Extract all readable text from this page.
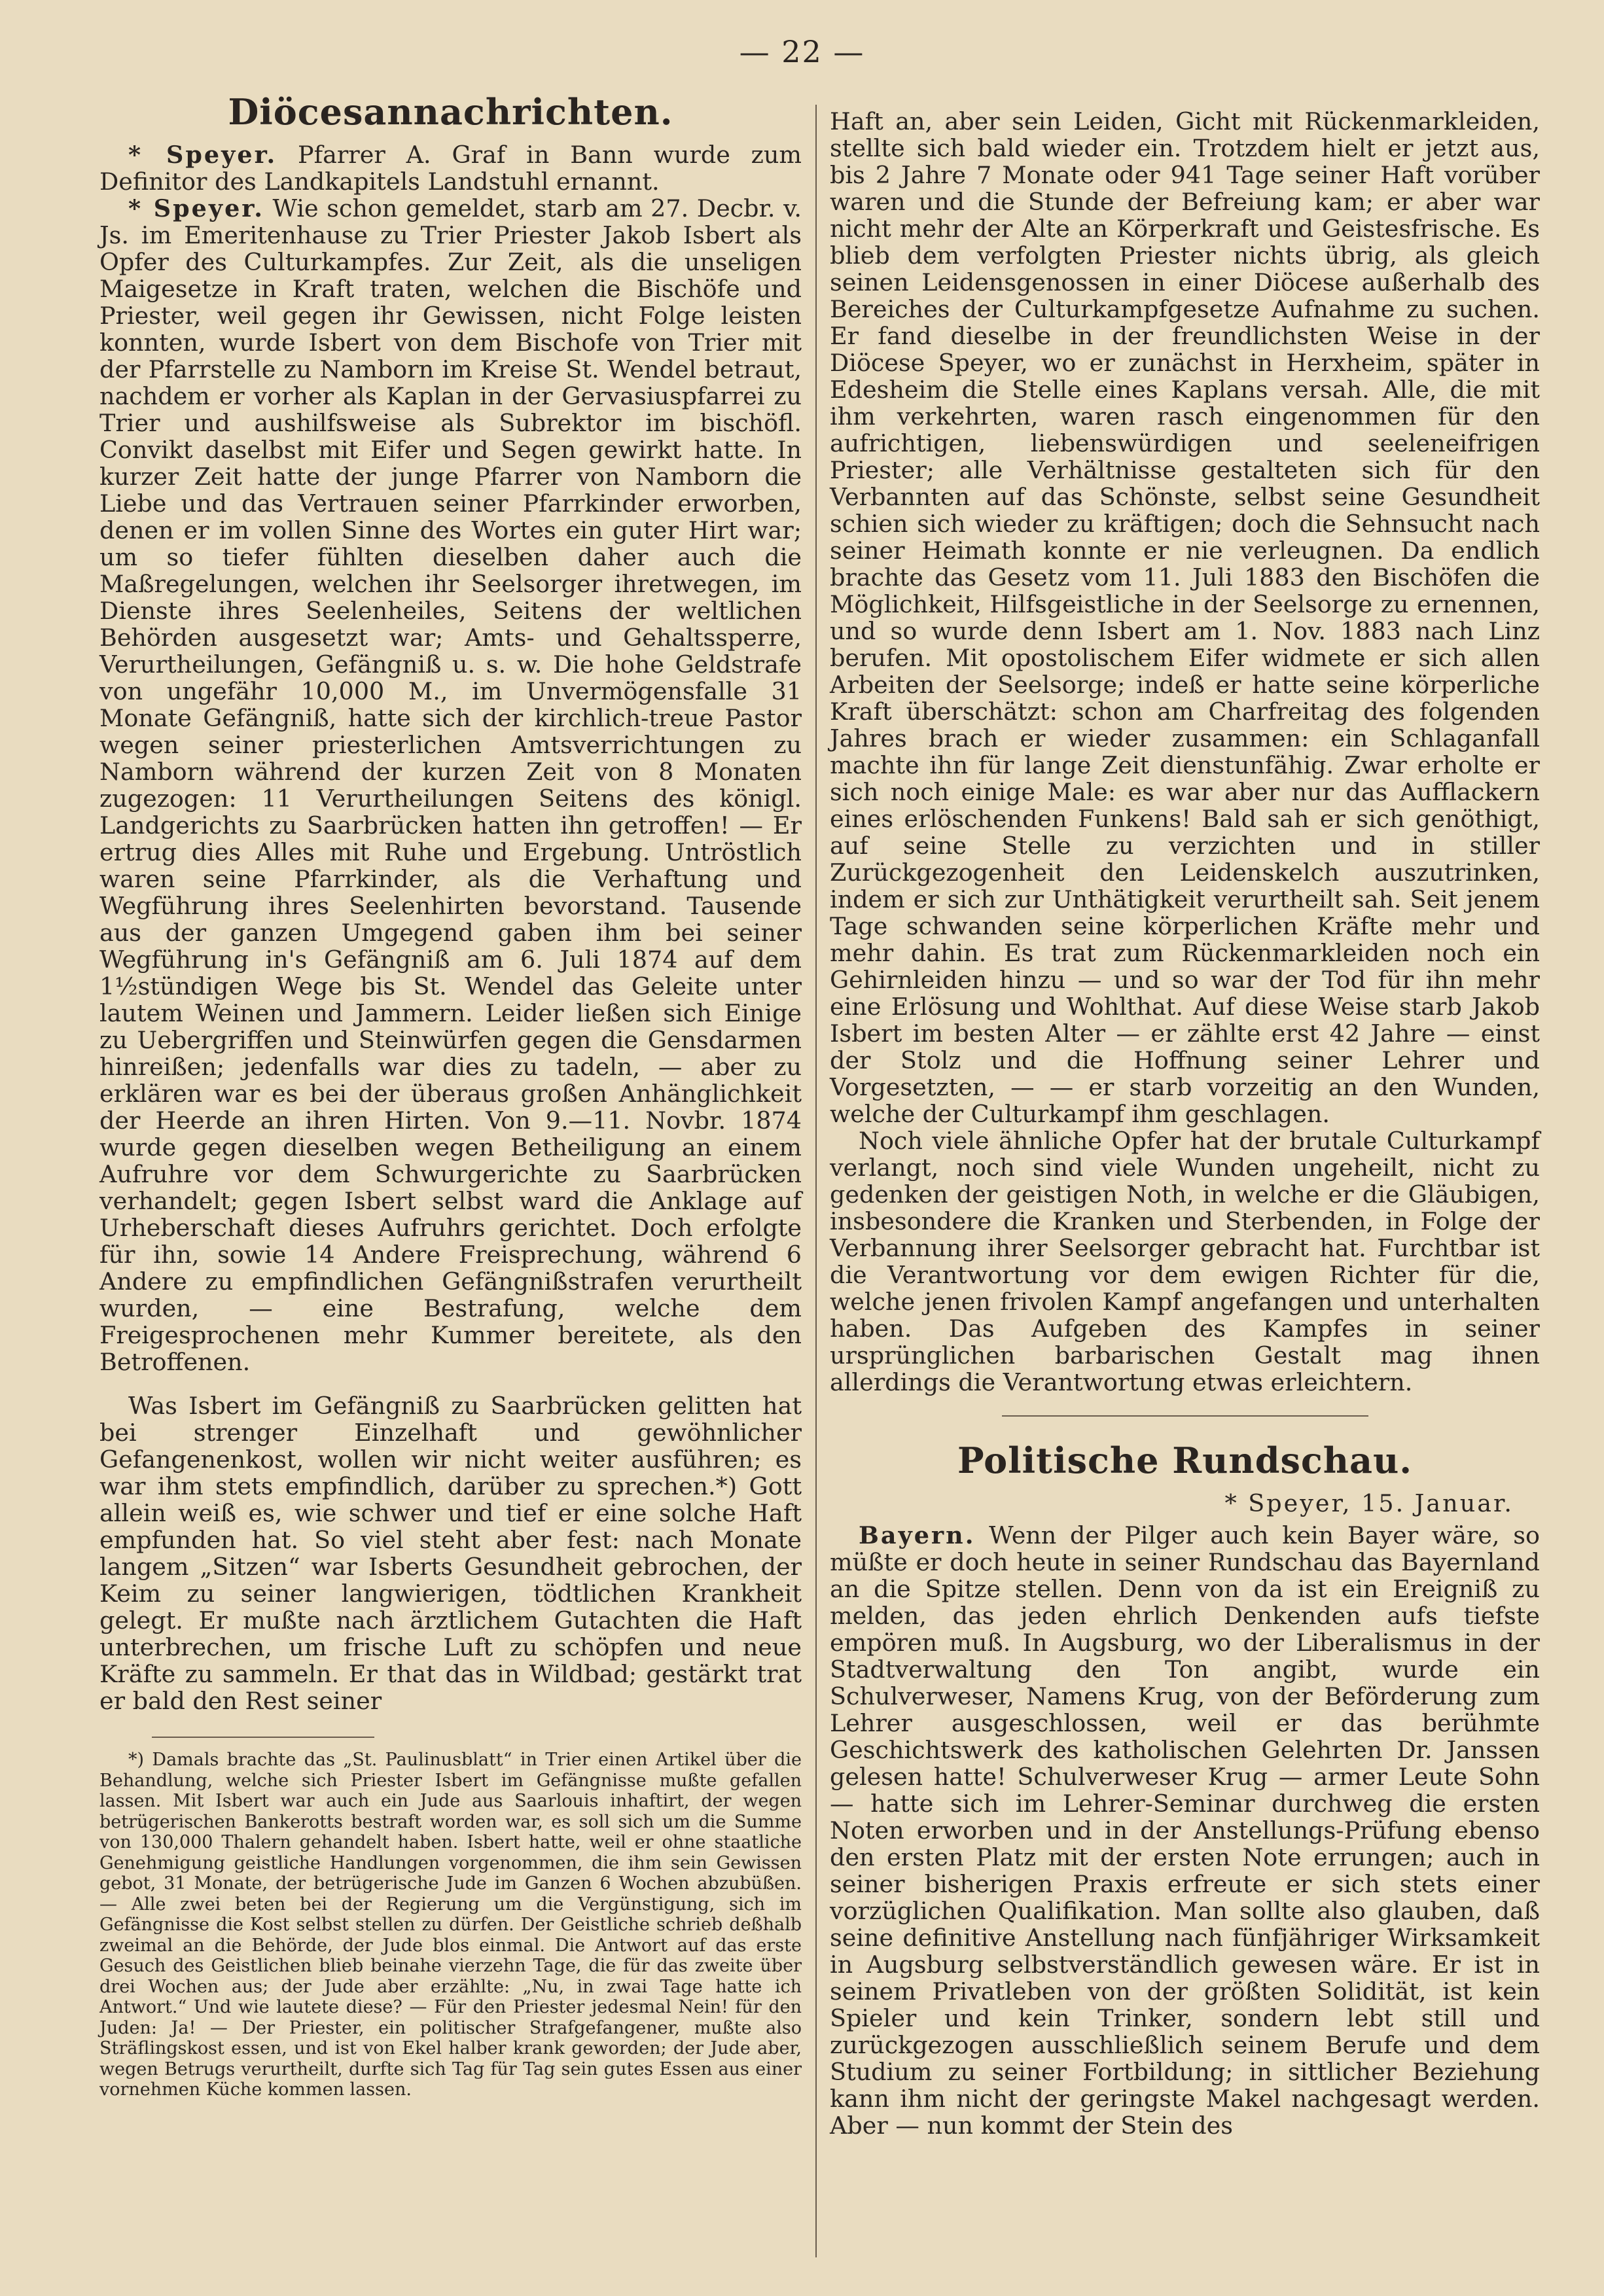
— 22 —
Diöcesannachrichten.

* Speyer. Pfarrer A. Graf in Bann wurde zum Definitor des Landkapitels Landstuhl ernannt.

* Speyer. Wie schon gemeldet, starb am 27. Decbr. v. Js. im Emeritenhause zu Trier Priester Jakob Isbert als Opfer des Culturkampfes. Zur Zeit, als die unseligen Maigesetze in Kraft traten, welchen die Bischöfe und Priester, weil gegen ihr Gewissen, nicht Folge leisten konnten, wurde Isbert von dem Bischofe von Trier mit der Pfarrstelle zu Namborn im Kreise St. Wendel betraut, nachdem er vorher als Kaplan in der Gervasiuspfarrei zu Trier und aushilfsweise als Subrektor im bischöfl. Convikt daselbst mit Eifer und Segen gewirkt hatte. In kurzer Zeit hatte der junge Pfarrer von Namborn die Liebe und das Vertrauen seiner Pfarrkinder erworben, denen er im vollen Sinne des Wortes ein guter Hirt war; um so tiefer fühlten dieselben daher auch die Maßregelungen, welchen ihr Seelsorger ihretwegen, im Dienste ihres Seelenheiles, Seitens der weltlichen Behörden ausgesetzt war; Amts- und Gehaltssperre, Verurtheilungen, Gefängniß u. s. w. Die hohe Geldstrafe von ungefähr 10,000 M., im Unvermögensfalle 31 Monate Gefängniß, hatte sich der kirchlich-treue Pastor wegen seiner priesterlichen Amtsverrichtungen zu Namborn während der kurzen Zeit von 8 Monaten zugezogen: 11 Verurtheilungen Seitens des königl. Landgerichts zu Saarbrücken hatten ihn getroffen! — Er ertrug dies Alles mit Ruhe und Ergebung. Untröstlich waren seine Pfarrkinder, als die Verhaftung und Wegführung ihres Seelenhirten bevorstand. Tausende aus der ganzen Umgegend gaben ihm bei seiner Wegführung in's Gefängniß am 6. Juli 1874 auf dem 1½stündigen Wege bis St. Wendel das Geleite unter lautem Weinen und Jammern. Leider ließen sich Einige zu Uebergriffen und Steinwürfen gegen die Gensdarmen hinreißen; jedenfalls war dies zu tadeln, — aber zu erklären war es bei der überaus großen Anhänglichkeit der Heerde an ihren Hirten. Von 9.—11. Novbr. 1874 wurde gegen dieselben wegen Betheiligung an einem Aufruhre vor dem Schwurgerichte zu Saarbrücken verhandelt; gegen Isbert selbst ward die Anklage auf Urheberschaft dieses Aufruhrs gerichtet. Doch erfolgte für ihn, sowie 14 Andere Freisprechung, während 6 Andere zu empfindlichen Gefängnißstrafen verurtheilt wurden, — eine Bestrafung, welche dem Freigesprochenen mehr Kummer bereitete, als den Betroffenen.

Was Isbert im Gefängniß zu Saarbrücken gelitten hat bei strenger Einzelhaft und gewöhnlicher Gefangenenkost, wollen wir nicht weiter ausführen; es war ihm stets empfindlich, darüber zu sprechen.*) Gott allein weiß es, wie schwer und tief er eine solche Haft empfunden hat. So viel steht aber fest: nach Monate langem „Sitzen“ war Isberts Gesundheit gebrochen, der Keim zu seiner langwierigen, tödtlichen Krankheit gelegt. Er mußte nach ärztlichem Gutachten die Haft unterbrechen, um frische Luft zu schöpfen und neue Kräfte zu sammeln. Er that das in Wildbad; gestärkt trat er bald den Rest seiner

*) Damals brachte das „St. Paulinusblatt“ in Trier einen Artikel über die Behandlung, welche sich Priester Isbert im Gefängnisse mußte gefallen lassen. Mit Isbert war auch ein Jude aus Saarlouis inhaftirt, der wegen betrügerischen Bankerotts bestraft worden war, es soll sich um die Summe von 130,000 Thalern gehandelt haben. Isbert hatte, weil er ohne staatliche Genehmigung geistliche Handlungen vorgenommen, die ihm sein Gewissen gebot, 31 Monate, der betrügerische Jude im Ganzen 6 Wochen abzubüßen. — Alle zwei beten bei der Regierung um die Vergünstigung, sich im Gefängnisse die Kost selbst stellen zu dürfen. Der Geistliche schrieb deßhalb zweimal an die Behörde, der Jude blos einmal. Die Antwort auf das erste Gesuch des Geistlichen blieb beinahe vierzehn Tage, die für das zweite über drei Wochen aus; der Jude aber erzählte: „Nu, in zwai Tage hatte ich Antwort.“ Und wie lautete diese? — Für den Priester jedesmal Nein! für den Juden: Ja! — Der Priester, ein politischer Strafgefangener, mußte also Sträflingskost essen, und ist von Ekel halber krank geworden; der Jude aber, wegen Betrugs verurtheilt, durfte sich Tag für Tag sein gutes Essen aus einer vornehmen Küche kommen lassen.

Haft an, aber sein Leiden, Gicht mit Rückenmarkleiden, stellte sich bald wieder ein. Trotzdem hielt er jetzt aus, bis 2 Jahre 7 Monate oder 941 Tage seiner Haft vorüber waren und die Stunde der Befreiung kam; er aber war nicht mehr der Alte an Körperkraft und Geistesfrische. Es blieb dem verfolgten Priester nichts übrig, als gleich seinen Leidensgenossen in einer Diöcese außerhalb des Bereiches der Culturkampfgesetze Aufnahme zu suchen. Er fand dieselbe in der freundlichsten Weise in der Diöcese Speyer, wo er zunächst in Herxheim, später in Edesheim die Stelle eines Kaplans versah. Alle, die mit ihm verkehrten, waren rasch eingenommen für den aufrichtigen, liebenswürdigen und seeleneifrigen Priester; alle Verhältnisse gestalteten sich für den Verbannten auf das Schönste, selbst seine Gesundheit schien sich wieder zu kräftigen; doch die Sehnsucht nach seiner Heimath konnte er nie verleugnen. Da endlich brachte das Gesetz vom 11. Juli 1883 den Bischöfen die Möglichkeit, Hilfsgeistliche in der Seelsorge zu ernennen, und so wurde denn Isbert am 1. Nov. 1883 nach Linz berufen. Mit opostolischem Eifer widmete er sich allen Arbeiten der Seelsorge; indeß er hatte seine körperliche Kraft überschätzt: schon am Charfreitag des folgenden Jahres brach er wieder zusammen: ein Schlaganfall machte ihn für lange Zeit dienstunfähig. Zwar erholte er sich noch einige Male: es war aber nur das Aufflackern eines erlöschenden Funkens! Bald sah er sich genöthigt, auf seine Stelle zu verzichten und in stiller Zurückgezogenheit den Leidenskelch auszutrinken, indem er sich zur Unthätigkeit verurtheilt sah. Seit jenem Tage schwanden seine körperlichen Kräfte mehr und mehr dahin. Es trat zum Rückenmarkleiden noch ein Gehirnleiden hinzu — und so war der Tod für ihn mehr eine Erlösung und Wohlthat. Auf diese Weise starb Jakob Isbert im besten Alter — er zählte erst 42 Jahre — einst der Stolz und die Hoffnung seiner Lehrer und Vorgesetzten, — — er starb vorzeitig an den Wunden, welche der Culturkampf ihm geschlagen.

Noch viele ähnliche Opfer hat der brutale Culturkampf verlangt, noch sind viele Wunden ungeheilt, nicht zu gedenken der geistigen Noth, in welche er die Gläubigen, insbesondere die Kranken und Sterbenden, in Folge der Verbannung ihrer Seelsorger gebracht hat. Furchtbar ist die Verantwortung vor dem ewigen Richter für die, welche jenen frivolen Kampf angefangen und unterhalten haben. Das Aufgeben des Kampfes in seiner ursprünglichen barbarischen Gestalt mag ihnen allerdings die Verantwortung etwas erleichtern.

Politische Rundschau.
* Speyer, 15. Januar.

Bayern. Wenn der Pilger auch kein Bayer wäre, so müßte er doch heute in seiner Rundschau das Bayernland an die Spitze stellen. Denn von da ist ein Ereigniß zu melden, das jeden ehrlich Denkenden aufs tiefste empören muß. In Augsburg, wo der Liberalismus in der Stadtverwaltung den Ton angibt, wurde ein Schulverweser, Namens Krug, von der Beförderung zum Lehrer ausgeschlossen, weil er das berühmte Geschichtswerk des katholischen Gelehrten Dr. Janssen gelesen hatte! Schulverweser Krug — armer Leute Sohn — hatte sich im Lehrer-Seminar durchweg die ersten Noten erworben und in der Anstellungs-Prüfung ebenso den ersten Platz mit der ersten Note errungen; auch in seiner bisherigen Praxis erfreute er sich stets einer vorzüglichen Qualifikation. Man sollte also glauben, daß seine definitive Anstellung nach fünfjähriger Wirksamkeit in Augsburg selbstverständlich gewesen wäre. Er ist in seinem Privatleben von der größten Solidität, ist kein Spieler und kein Trinker, sondern lebt still und zurückgezogen ausschließlich seinem Berufe und dem Studium zu seiner Fortbildung; in sittlicher Beziehung kann ihm nicht der geringste Makel nachgesagt werden. Aber — nun kommt der Stein des
